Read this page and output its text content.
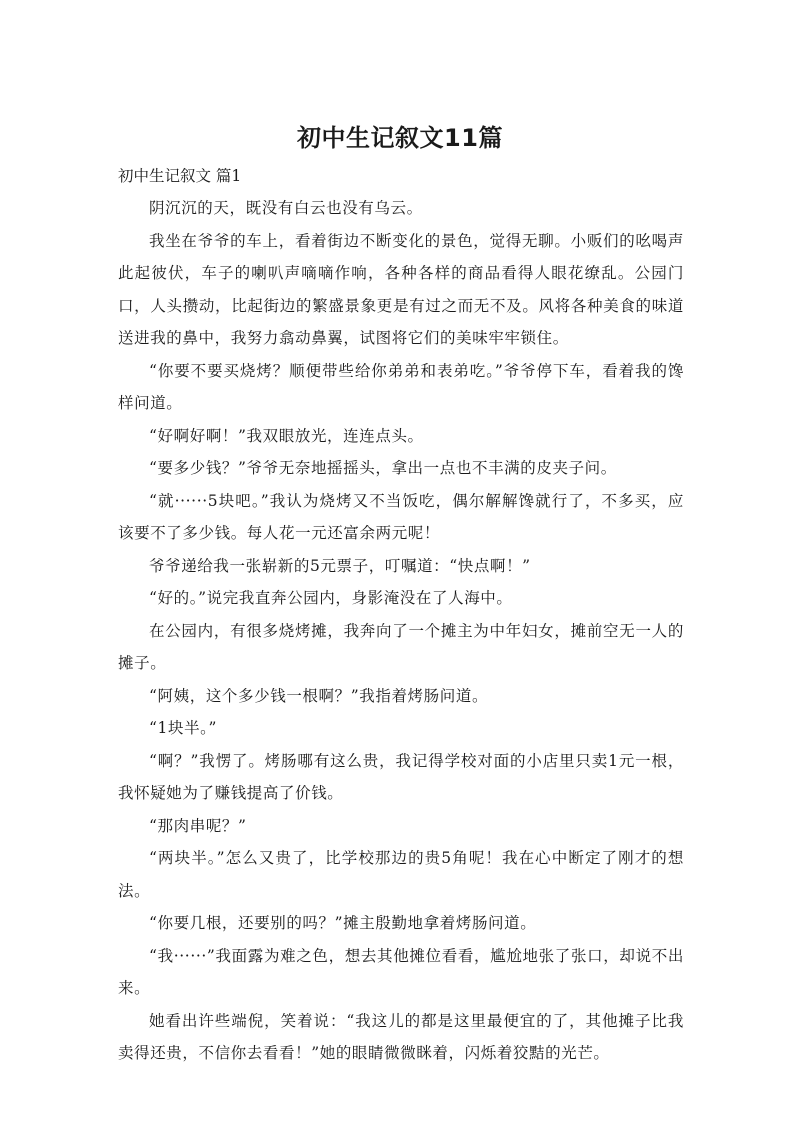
初中生记叙文11篇

初中生记叙文 篇1

阴沉沉的天，既没有白云也没有乌云。

我坐在爷爷的车上，看着街边不断变化的景色，觉得无聊。小贩们的吆喝声此起彼伏，车子的喇叭声嘀嘀作响，各种各样的商品看得人眼花缭乱。公园门口，人头攒动，比起街边的繁盛景象更是有过之而无不及。风将各种美食的味道送进我的鼻中，我努力翕动鼻翼，试图将它们的美味牢牢锁住。

“你要不要买烧烤？顺便带些给你弟弟和表弟吃。”爷爷停下车，看着我的馋样问道。

“好啊好啊！”我双眼放光，连连点头。

“要多少钱？”爷爷无奈地摇摇头，拿出一点也不丰满的皮夹子问。

“就······5块吧。”我认为烧烤又不当饭吃，偶尔解解馋就行了，不多买，应该要不了多少钱。每人花一元还富余两元呢！

爷爷递给我一张崭新的5元票子，叮嘱道：“快点啊！”

“好的。”说完我直奔公园内，身影淹没在了人海中。

在公园内，有很多烧烤摊，我奔向了一个摊主为中年妇女，摊前空无一人的摊子。

“阿姨，这个多少钱一根啊？”我指着烤肠问道。

“1块半。”

“啊？”我愣了。烤肠哪有这么贵，我记得学校对面的小店里只卖1元一根，我怀疑她为了赚钱提高了价钱。

“那肉串呢？”

“两块半。”怎么又贵了，比学校那边的贵5角呢！我在心中断定了刚才的想法。

“你要几根，还要别的吗？”摊主殷勤地拿着烤肠问道。

“我······”我面露为难之色，想去其他摊位看看，尴尬地张了张口，却说不出来。

她看出许些端倪，笑着说：“我这儿的都是这里最便宜的了，其他摊子比我卖得还贵，不信你去看看！”她的眼睛微微眯着，闪烁着狡黠的光芒。
